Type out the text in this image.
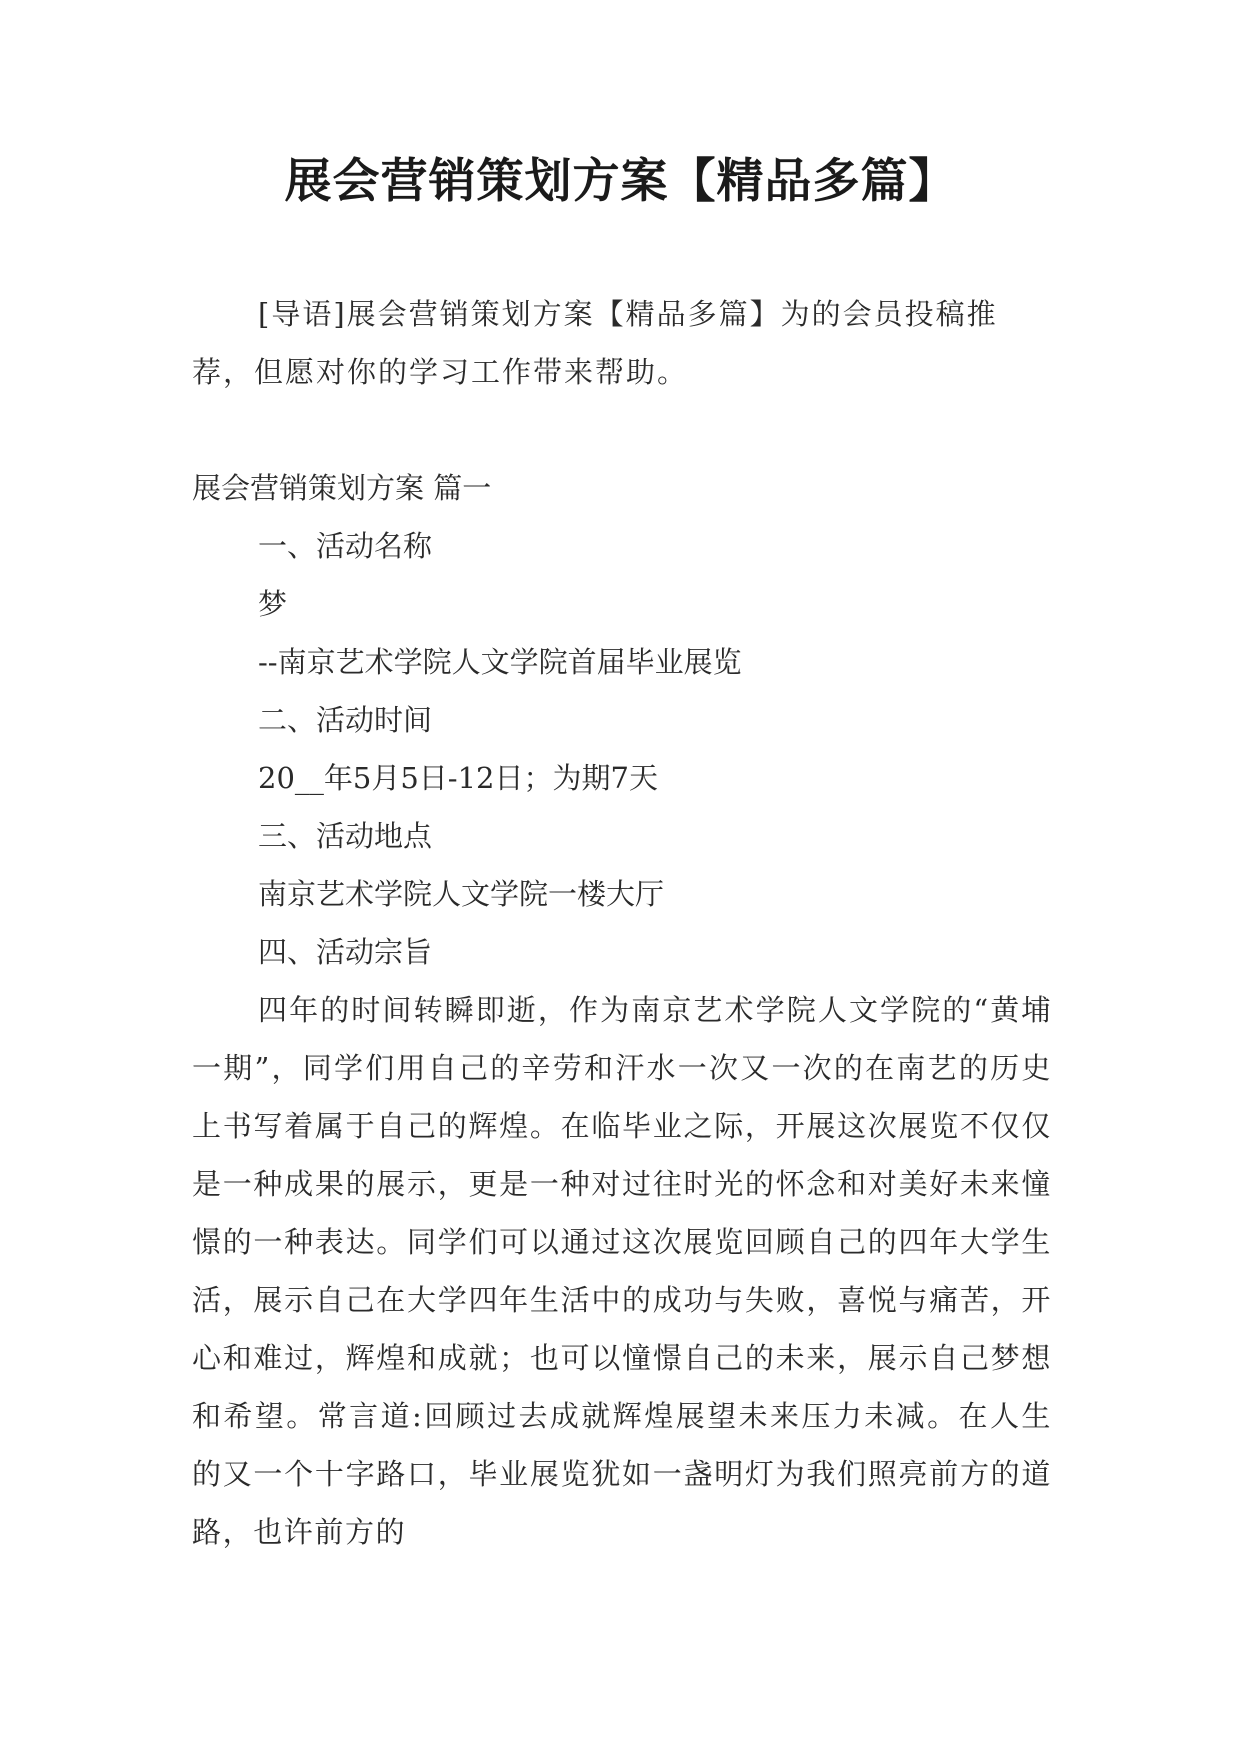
展会营销策划方案【精品多篇】

[导语]展会营销策划方案【精品多篇】为的会员投稿推荐，但愿对你的学习工作带来帮助。

展会营销策划方案 篇一
一、活动名称
梦
--南京艺术学院人文学院首届毕业展览
二、活动时间
20__年5月5日-12日；为期7天
三、活动地点
南京艺术学院人文学院一楼大厅
四、活动宗旨

四年的时间转瞬即逝，作为南京艺术学院人文学院的“黄埔一期”，同学们用自己的辛劳和汗水一次又一次的在南艺的历史上书写着属于自己的辉煌。在临毕业之际，开展这次展览不仅仅是一种成果的展示，更是一种对过往时光的怀念和对美好未来憧憬的一种表达。同学们可以通过这次展览回顾自己的四年大学生活，展示自己在大学四年生活中的成功与失败，喜悦与痛苦，开心和难过，辉煌和成就；也可以憧憬自己的未来，展示自己梦想和希望。常言道:回顾过去成就辉煌展望未来压力未减。在人生的又一个十字路口，毕业展览犹如一盏明灯为我们照亮前方的道路，也许前方的
